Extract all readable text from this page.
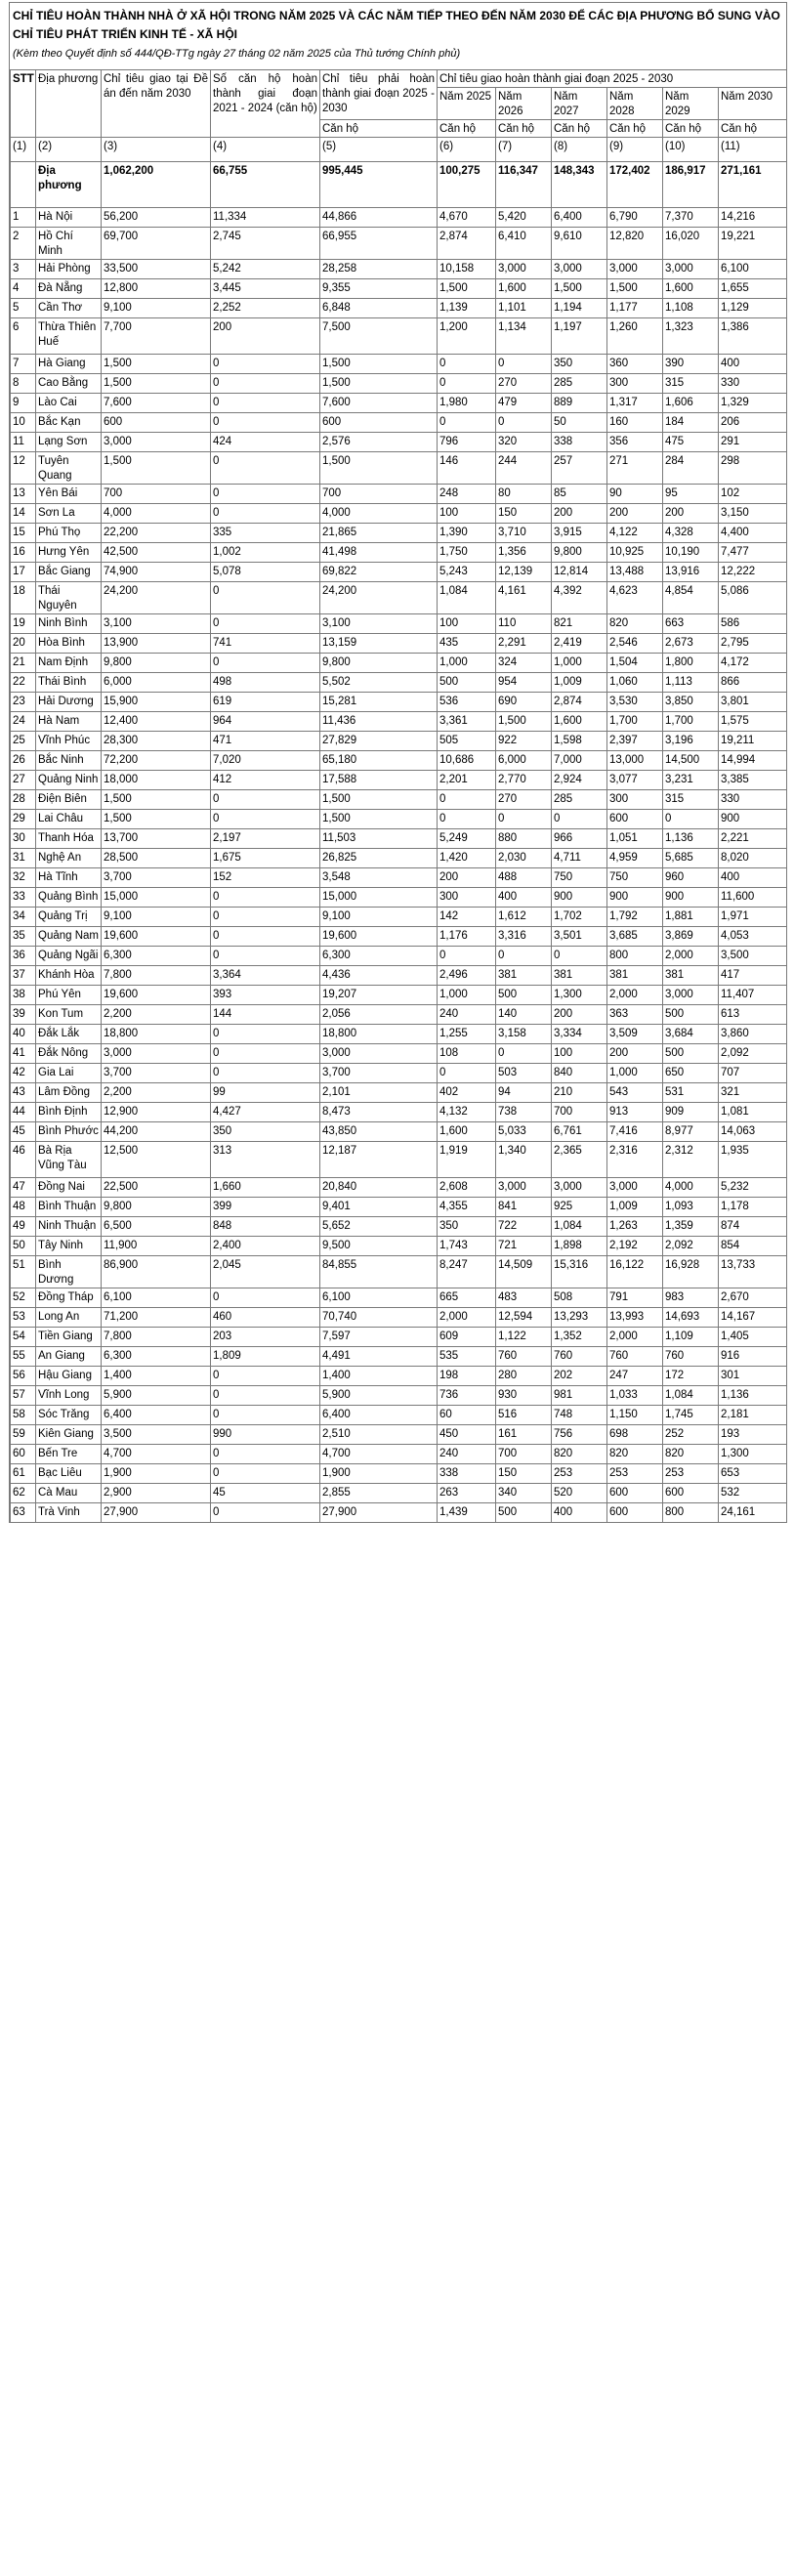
CHỈ TIÊU HOÀN THÀNH NHÀ Ở XÃ HỘI TRONG NĂM 2025 VÀ CÁC NĂM TIẾP THEO ĐẾN NĂM 2030 ĐỂ CÁC ĐỊA PHƯƠNG BỔ SUNG VÀO CHỈ TIÊU PHÁT TRIỂN KINH TẾ - XÃ HỘI

(Kèm theo Quyết định số 444/QĐ-TTg ngày 27 tháng 02 năm 2025 của Thủ tướng Chính phủ)

STT	Địa phương	Chỉ tiêu giao tại Đề án đến năm 2030	Số căn hộ hoàn thành giai đoạn 2021 - 2024 (căn hộ)	Chỉ tiêu phải hoàn thành giai đoạn 2025 - 2030	Chỉ tiêu giao hoàn thành giai đoạn 2025 - 2030					
					Năm 2025	Năm 2026	Năm 2027	Năm 2028	Năm 2029	Năm 2030
				Căn hộ	Căn hộ	Căn hộ	Căn hộ	Căn hộ	Căn hộ	Căn hộ
(1)	(2)	(3)	(4)	(5)	(6)	(7)	(8)	(9)	(10)	(11)
	Địa phương	1,062,200	66,755	995,445	100,275	116,347	148,343	172,402	186,917	271,161
1	Hà Nội	56,200	11,334	44,866	4,670	5,420	6,400	6,790	7,370	14,216
2	Hồ Chí Minh	69,700	2,745	66,955	2,874	6,410	9,610	12,820	16,020	19,221
3	Hải Phòng	33,500	5,242	28,258	10,158	3,000	3,000	3,000	3,000	6,100
4	Đà Nẵng	12,800	3,445	9,355	1,500	1,600	1,500	1,500	1,600	1,655
5	Cần Thơ	9,100	2,252	6,848	1,139	1,101	1,194	1,177	1,108	1,129
6	Thừa Thiên Huế	7,700	200	7,500	1,200	1,134	1,197	1,260	1,323	1,386
7	Hà Giang	1,500	0	1,500	0	0	350	360	390	400
8	Cao Bằng	1,500	0	1,500	0	270	285	300	315	330
9	Lào Cai	7,600	0	7,600	1,980	479	889	1,317	1,606	1,329
10	Bắc Kạn	600	0	600	0	0	50	160	184	206
11	Lạng Sơn	3,000	424	2,576	796	320	338	356	475	291
12	Tuyên Quang	1,500	0	1,500	146	244	257	271	284	298
13	Yên Bái	700	0	700	248	80	85	90	95	102
14	Sơn La	4,000	0	4,000	100	150	200	200	200	3,150
15	Phú Thọ	22,200	335	21,865	1,390	3,710	3,915	4,122	4,328	4,400
16	Hưng Yên	42,500	1,002	41,498	1,750	1,356	9,800	10,925	10,190	7,477
17	Bắc Giang	74,900	5,078	69,822	5,243	12,139	12,814	13,488	13,916	12,222
18	Thái Nguyên	24,200	0	24,200	1,084	4,161	4,392	4,623	4,854	5,086
19	Ninh Bình	3,100	0	3,100	100	110	821	820	663	586
20	Hòa Bình	13,900	741	13,159	435	2,291	2,419	2,546	2,673	2,795
21	Nam Định	9,800	0	9,800	1,000	324	1,000	1,504	1,800	4,172
22	Thái Bình	6,000	498	5,502	500	954	1,009	1,060	1,113	866
23	Hải Dương	15,900	619	15,281	536	690	2,874	3,530	3,850	3,801
24	Hà Nam	12,400	964	11,436	3,361	1,500	1,600	1,700	1,700	1,575
25	Vĩnh Phúc	28,300	471	27,829	505	922	1,598	2,397	3,196	19,211
26	Bắc Ninh	72,200	7,020	65,180	10,686	6,000	7,000	13,000	14,500	14,994
27	Quảng Ninh	18,000	412	17,588	2,201	2,770	2,924	3,077	3,231	3,385
28	Điện Biên	1,500	0	1,500	0	270	285	300	315	330
29	Lai Châu	1,500	0	1,500	0	0	0	600	0	900
30	Thanh Hóa	13,700	2,197	11,503	5,249	880	966	1,051	1,136	2,221
31	Nghệ An	28,500	1,675	26,825	1,420	2,030	4,711	4,959	5,685	8,020
32	Hà Tĩnh	3,700	152	3,548	200	488	750	750	960	400
33	Quảng Bình	15,000	0	15,000	300	400	900	900	900	11,600
34	Quảng Trị	9,100	0	9,100	142	1,612	1,702	1,792	1,881	1,971
35	Quảng Nam	19,600	0	19,600	1,176	3,316	3,501	3,685	3,869	4,053
36	Quảng Ngãi	6,300	0	6,300	0	0	0	800	2,000	3,500
37	Khánh Hòa	7,800	3,364	4,436	2,496	381	381	381	381	417
38	Phú Yên	19,600	393	19,207	1,000	500	1,300	2,000	3,000	11,407
39	Kon Tum	2,200	144	2,056	240	140	200	363	500	613
40	Đắk Lắk	18,800	0	18,800	1,255	3,158	3,334	3,509	3,684	3,860
41	Đắk Nông	3,000	0	3,000	108	0	100	200	500	2,092
42	Gia Lai	3,700	0	3,700	0	503	840	1,000	650	707
43	Lâm Đồng	2,200	99	2,101	402	94	210	543	531	321
44	Bình Định	12,900	4,427	8,473	4,132	738	700	913	909	1,081
45	Bình Phước	44,200	350	43,850	1,600	5,033	6,761	7,416	8,977	14,063
46	Bà Rịa Vũng Tàu	12,500	313	12,187	1,919	1,340	2,365	2,316	2,312	1,935
47	Đồng Nai	22,500	1,660	20,840	2,608	3,000	3,000	3,000	4,000	5,232
48	Bình Thuận	9,800	399	9,401	4,355	841	925	1,009	1,093	1,178
49	Ninh Thuận	6,500	848	5,652	350	722	1,084	1,263	1,359	874
50	Tây Ninh	11,900	2,400	9,500	1,743	721	1,898	2,192	2,092	854
51	Bình Dương	86,900	2,045	84,855	8,247	14,509	15,316	16,122	16,928	13,733
52	Đồng Tháp	6,100	0	6,100	665	483	508	791	983	2,670
53	Long An	71,200	460	70,740	2,000	12,594	13,293	13,993	14,693	14,167
54	Tiền Giang	7,800	203	7,597	609	1,122	1,352	2,000	1,109	1,405
55	An Giang	6,300	1,809	4,491	535	760	760	760	760	916
56	Hậu Giang	1,400	0	1,400	198	280	202	247	172	301
57	Vĩnh Long	5,900	0	5,900	736	930	981	1,033	1,084	1,136
58	Sóc Trăng	6,400	0	6,400	60	516	748	1,150	1,745	2,181
59	Kiên Giang	3,500	990	2,510	450	161	756	698	252	193
60	Bến Tre	4,700	0	4,700	240	700	820	820	820	1,300
61	Bạc Liêu	1,900	0	1,900	338	150	253	253	253	653
62	Cà Mau	2,900	45	2,855	263	340	520	600	600	532
63	Trà Vinh	27,900	0	27,900	1,439	500	400	600	800	24,161
